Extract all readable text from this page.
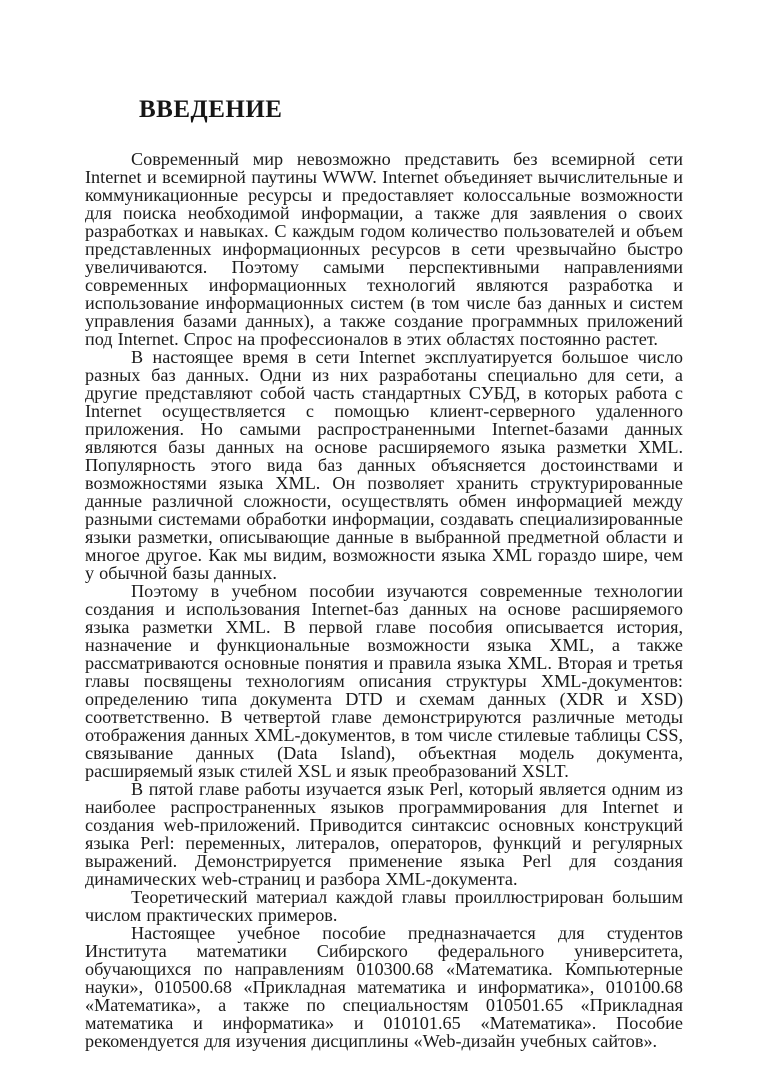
ВВЕДЕНИЕ

Современный мир невозможно представить без всемирной сети Internet и всемирной паутины WWW. Internet объединяет вычислительные и коммуникационные ресурсы и предоставляет колоссальные возможности для поиска необходимой информации, а также для заявления о своих разработках и навыках. С каждым годом количество пользователей и объем представленных информационных ресурсов в сети чрезвычайно быстро увеличиваются. Поэтому самыми перспективными направлениями современных информационных технологий являются разработка и использование информационных систем (в том числе баз данных и систем управления базами данных), а также создание программных приложений под Internet. Спрос на профессионалов в этих областях постоянно растет.

В настоящее время в сети Internet эксплуатируется большое число разных баз данных. Одни из них разработаны специально для сети, а другие представляют собой часть стандартных СУБД, в которых работа с Internet осуществляется с помощью клиент-серверного удаленного приложения. Но самыми распространенными Internet-базами данных являются базы данных на основе расширяемого языка разметки XML. Популярность этого вида баз данных объясняется достоинствами и возможностями языка XML. Он позволяет хранить структурированные данные различной сложности, осуществлять обмен информацией между разными системами обработки информации, создавать специализированные языки разметки, описывающие данные в выбранной предметной области и многое другое. Как мы видим, возможности языка XML гораздо шире, чем у обычной базы данных.

Поэтому в учебном пособии изучаются современные технологии создания и использования Internet-баз данных на основе расширяемого языка разметки XML. В первой главе пособия описывается история, назначение и функциональные возможности языка XML, а также рассматриваются основные понятия и правила языка XML. Вторая и третья главы посвящены технологиям описания структуры XML-документов: определению типа документа DTD и схемам данных (XDR и XSD) соответственно. В четвертой главе демонстрируются различные методы отображения данных XML-документов, в том числе стилевые таблицы CSS, связывание данных (Data Island), объектная модель документа, расширяемый язык стилей XSL и язык преобразований XSLT.

В пятой главе работы изучается язык Perl, который является одним из наиболее распространенных языков программирования для Internet и создания web-приложений. Приводится синтаксис основных конструкций языка Perl: переменных, литералов, операторов, функций и регулярных выражений. Демонстрируется применение языка Perl для создания динамических web-страниц и разбора XML-документа.

Теоретический материал каждой главы проиллюстрирован большим числом практических примеров.

Настоящее учебное пособие предназначается для студентов Института математики Сибирского федерального университета, обучающихся по направлениям 010300.68 «Математика. Компьютерные науки», 010500.68 «Прикладная математика и информатика», 010100.68 «Математика», а также по специальностям 010501.65 «Прикладная математика и информатика» и 010101.65 «Математика». Пособие рекомендуется для изучения дисциплины «Web-дизайн учебных сайтов».
